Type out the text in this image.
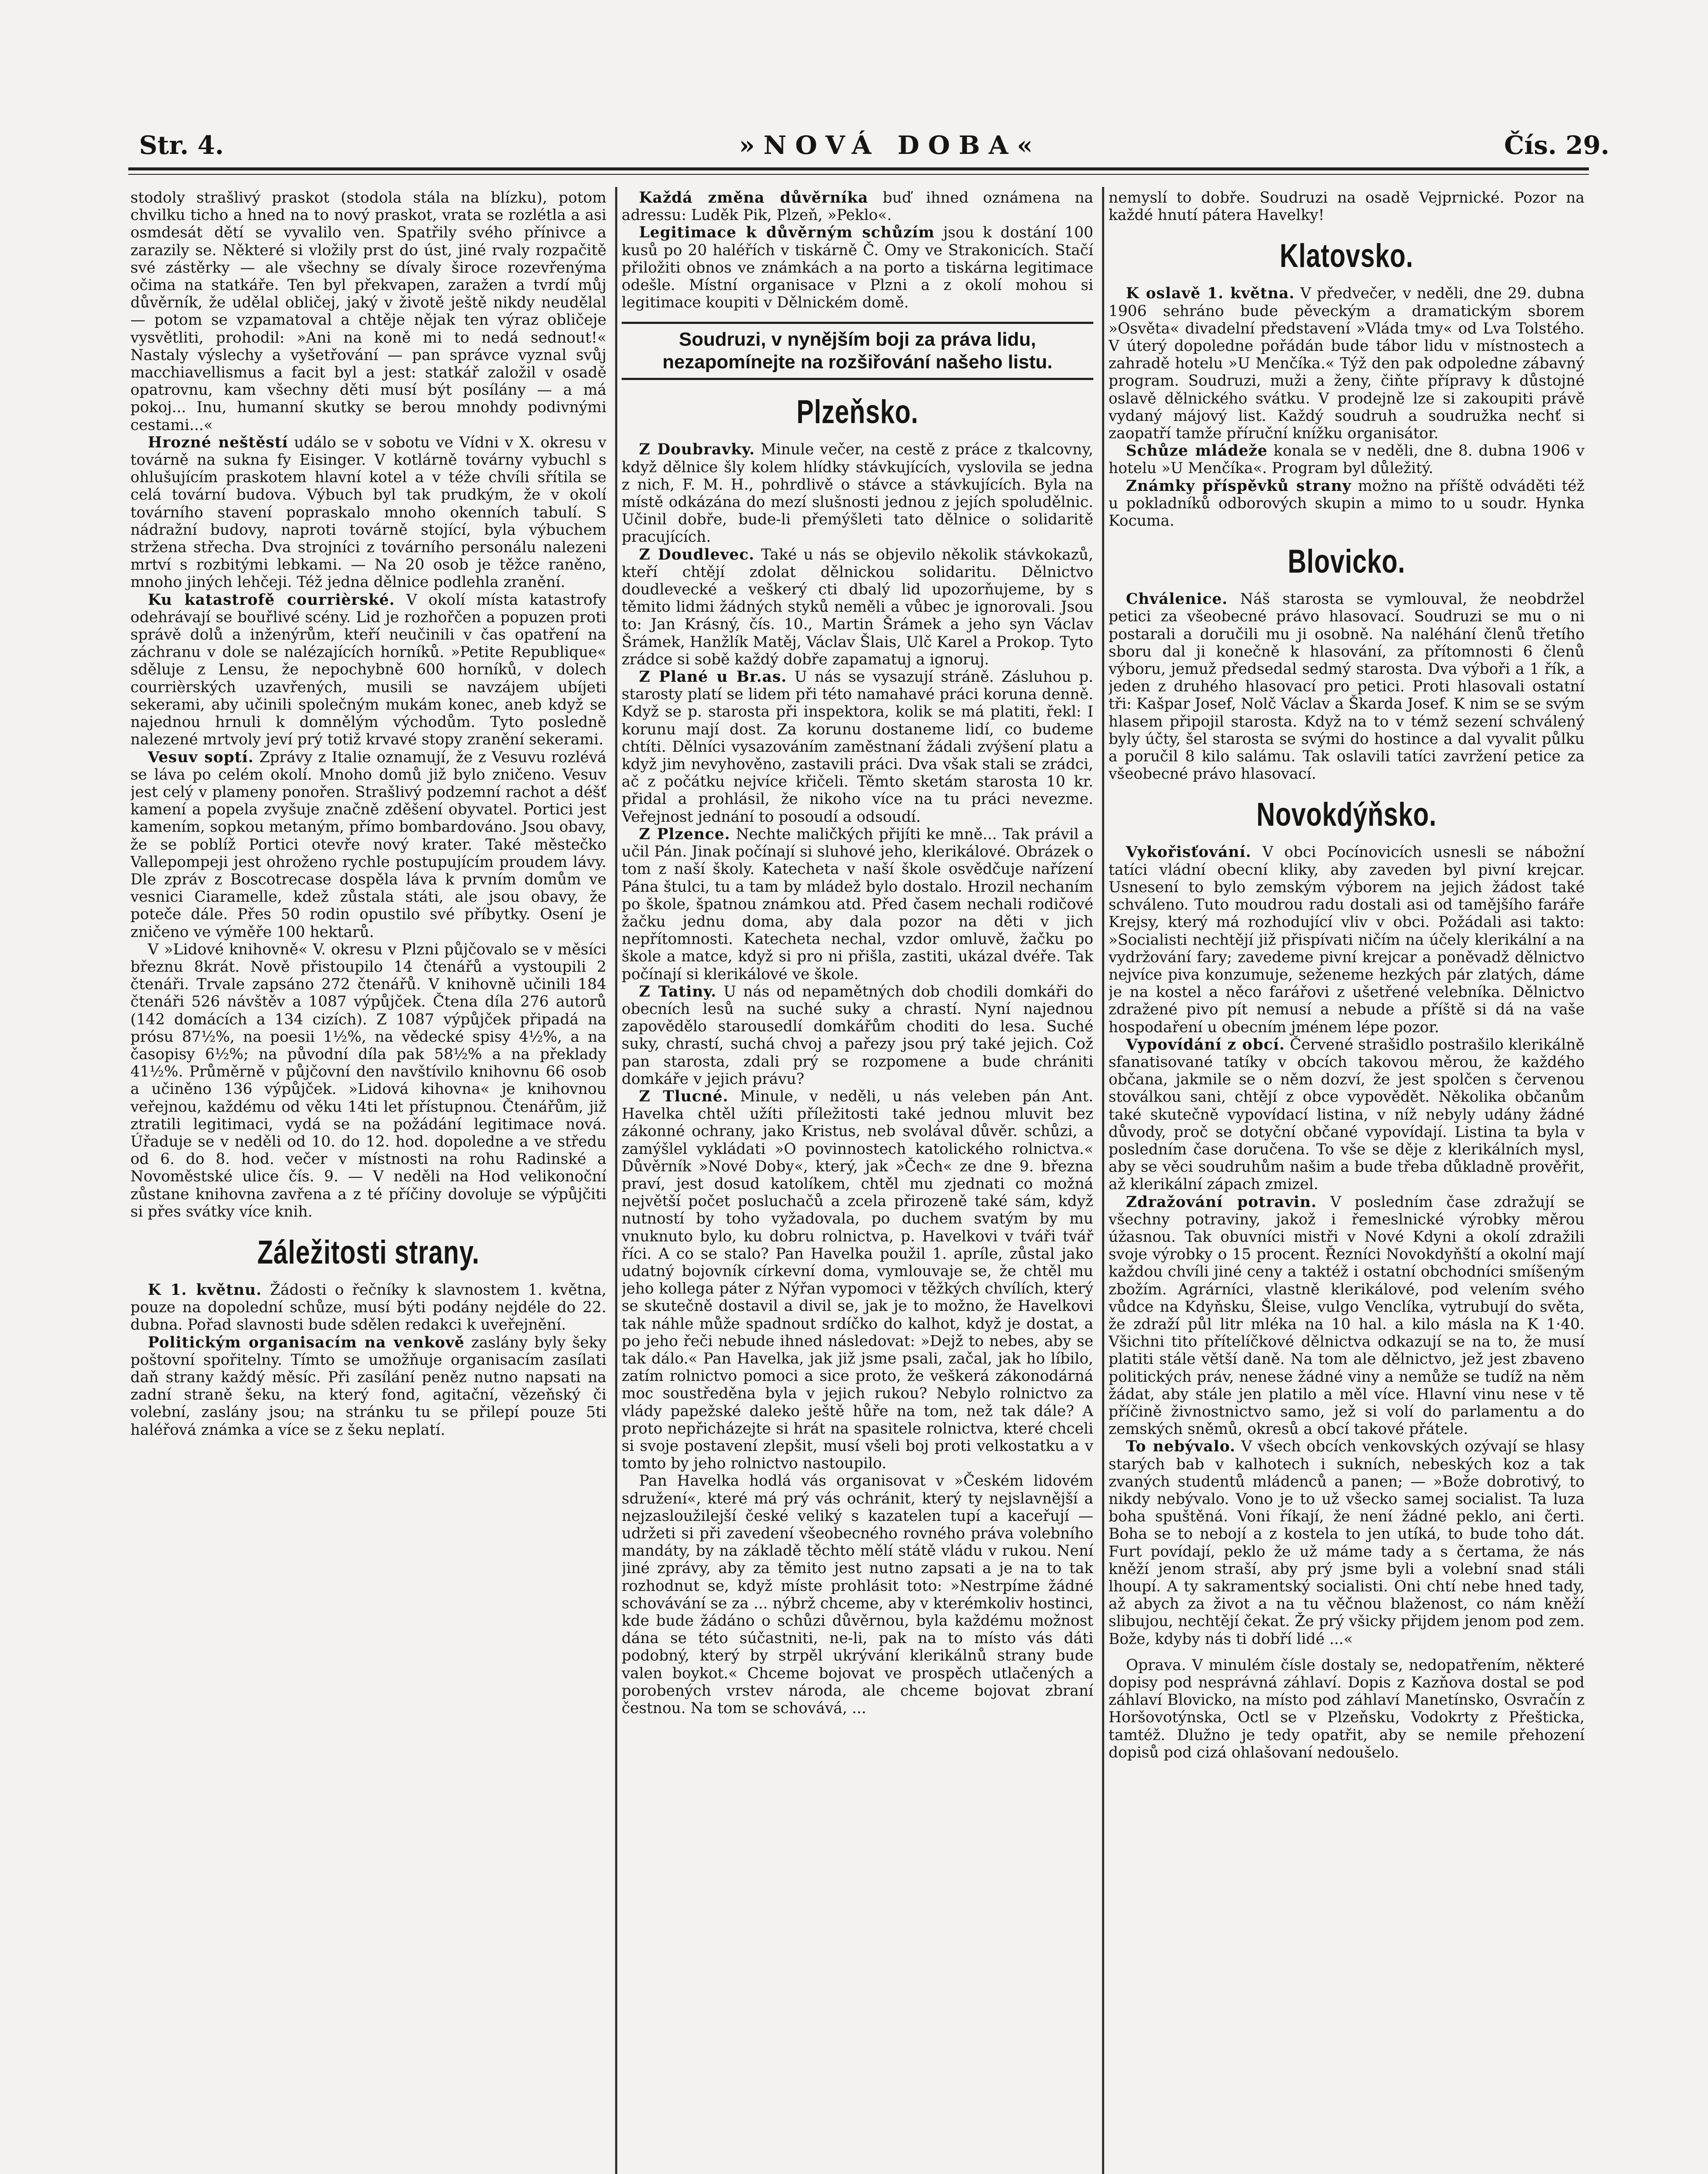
Str. 4.	»NOVÁ DOBA«	Čís. 29.

stodoly strašlivý praskot (stodola stála na blízku), potom chvilku ticho a hned na to nový praskot, vrata se rozlétla a asi osmdesát dětí se vyvalilo ven. Spatřily svého přínivce a zarazily se. Některé si vložily prst do úst, jiné rvaly rozpačitě své zástěrky — ale všechny se dívaly široce rozevřenýma očima na statkáře. Ten byl překvapen, zaražen a tvrdí můj důvěrník, že udělal obličej, jaký v životě ještě nikdy neudělal — potom se vzpamatoval a chtěje nějak ten výraz obličeje vysvětliti, prohodil: »Ani na koně mi to nedá sednout!« Nastaly výslechy a vyšetřování — pan správce vyznal svůj macchiavellismus a facit byl a jest: statkář založil v osadě opatrovnu, kam všechny děti musí být posílány — a má pokoj... Inu, humanní skutky se berou mnohdy podivnými cestami...«

Hrozné neštěstí událo se v sobotu ve Vídni v X. okresu v továrně na sukna fy Eisinger. V kotlárně továrny vybuchl s ohlušujícím praskotem hlavní kotel a v téže chvíli sřítila se celá tovární budova. Výbuch byl tak prudkým, že v okolí továrního stavení popraskalo mnoho okenních tabulí. S nádražní budovy, naproti továrně stojící, byla výbuchem stržena střecha. Dva strojníci z továrního personálu nalezeni mrtví s rozbitými lebkami. — Na 20 osob je těžce raněno, mnoho jiných lehčeji. Též jedna dělnice podlehla zranění.

Ku katastrofě courrièrské. V okolí místa katastrofy odehrávají se bouřlivé scény. Lid je rozhořčen a popuzen proti správě dolů a inženýrům, kteří neučinili v čas opatření na záchranu v dole se nalézajících horníků. »Petite Republique« sděluje z Lensu, že nepochybně 600 horníků, v dolech courrièrských uzavřených, musili se navzájem ubíjeti sekerami, aby učinili společným mukám konec, aneb když se najednou hrnuli k domnělým východům. Tyto posledně nalezené mrtvoly jeví prý totiž krvavé stopy zranění sekerami.

Vesuv soptí. Zprávy z Italie oznamují, že z Vesuvu rozlévá se láva po celém okolí. Mnoho domů již bylo zničeno. Vesuv jest celý v plameny ponořen. Strašlivý podzemní rachot a déšť kamení a popela zvyšuje značně zděšení obyvatel. Portici jest kamením, sopkou metaným, přímo bombardováno. Jsou obavy, že se poblíž Portici otevře nový krater. Také městečko Vallepompeji jest ohroženo rychle postupujícím proudem lávy. Dle zpráv z Boscotrecase dospěla láva k prvním domům ve vesnici Ciaramelle, kdež zůstala státi, ale jsou obavy, že poteče dále. Přes 50 rodin opustilo své příbytky. Osení je zničeno ve výměře 100 hektarů.

V »Lidové knihovně« V. okresu v Plzni půjčovalo se v měsíci březnu 8krát. Nově přistoupilo 14 čtenářů a vystoupili 2 čtenáři. Trvale zapsáno 272 čtenářů. V knihovně učinili 184 čtenáři 526 návštěv a 1087 výpůjček. Čtena díla 276 autorů (142 domácích a 134 cizích). Z 1087 výpůjček připadá na prósu 87½%, na poesii 1½%, na vědecké spisy 4½%, a na časopisy 6½%; na původní díla pak 58½% a na překlady 41½%. Průměrně v půjčovní den navštívilo knihovnu 66 osob a učiněno 136 výpůjček. »Lidová kihovna« je knihovnou veřejnou, každému od věku 14ti let přístupnou. Čtenářům, již ztratili legitimaci, vydá se na požádání legitimace nová. Úřaduje se v neděli od 10. do 12. hod. dopoledne a ve středu od 6. do 8. hod. večer v místnosti na rohu Radinské a Novoměstské ulice čís. 9. — V neděli na Hod velikonoční zůstane knihovna zavřena a z té příčiny dovoluje se výpůjčiti si přes svátky více knih.

Záležitosti strany.

K 1. květnu. Žádosti o řečníky k slavnostem 1. května, pouze na dopolední schůze, musí býti podány nejdéle do 22. dubna. Pořad slavnosti bude sdělen redakci k uveřejnění.

Politickým organisacím na venkově zaslány byly šeky poštovní spořitelny. Tímto se umožňuje organisacím zasílati daň strany každý měsíc. Při zasílání peněz nutno napsati na zadní straně šeku, na který fond, agitační, vězeňský či volební, zaslány jsou; na stránku tu se přilepí pouze 5ti haléřová známka a více se z šeku neplatí.

Každá změna důvěrníka buď ihned oznámena na adressu: Luděk Pik, Plzeň, »Peklo«.

Legitimace k důvěrným schůzím jsou k dostání 100 kusů po 20 haléřích v tiskárně Č. Omy ve Strakonicích. Stačí přiložiti obnos ve známkách a na porto a tiskárna legitimace odešle. Místní organisace v Plzni a z okolí mohou si legitimace koupiti v Dělnickém domě.

Soudruzi, v nynějším boji za práva lidu, nezapomínejte na rozšiřování našeho listu.
Plzeňsko.

Z Doubravky. Minule večer, na cestě z práce z tkalcovny, když dělnice šly kolem hlídky stávkujících, vyslovila se jedna z nich, F. M. H., pohrdlivě o stávce a stávkujících. Byla na místě odkázána do mezí slušnosti jednou z jejích spoludělnic. Učinil dobře, bude-li přemýšleti tato dělnice o solidaritě pracujících.

Z Doudlevec. Také u nás se objevilo několik stávkokazů, kteří chtějí zdolat dělnickou solidaritu. Dělnictvo doudlevecké a veškerý cti dbalý lid upozorňujeme, by s těmito lidmi žádných styků neměli a vůbec je ignorovali. Jsou to: Jan Krásný, čís. 10., Martin Šrámek a jeho syn Václav Šrámek, Hanžlík Matěj, Václav Šlais, Ulč Karel a Prokop. Tyto zrádce si sobě každý dobře zapamatuj a ignoruj.

Z Plané u Br.as. U nás se vysazují stráně. Zásluhou p. starosty platí se lidem při této namahavé práci koruna denně. Když se p. starosta při inspektora, kolik se má platiti, řekl: I korunu mají dost. Za korunu dostaneme lidí, co budeme chtíti. Dělníci vysazováním zaměstnaní žádali zvýšení platu a když jim nevyhověno, zastavili práci. Dva však stali se zrádci, ač z počátku nejvíce křičeli. Těmto sketám starosta 10 kr. přidal a prohlásil, že nikoho více na tu práci nevezme. Veřejnost jednání to posoudí a odsoudí.

Z Plzence. Nechte maličkých přijíti ke mně... Tak právil a učil Pán. Jinak počínají si sluhové jeho, klerikálové. Obrázek o tom z naší školy. Katecheta v naší škole osvědčuje nařízení Pána štulci, tu a tam by mládež bylo dostalo. Hrozil nechaním po škole, špatnou známkou atd. Před časem nechali rodičové žačku jednu doma, aby dala pozor na děti v jich nepřítomnosti. Katecheta nechal, vzdor omluvě, žačku po škole a matce, když si pro ni přišla, zastiti, ukázal dvéře. Tak počínají si klerikálové ve škole.

Z Tatiny. U nás od nepamětných dob chodili domkáři do obecních lesů na suché suky a chrastí. Nyní najednou zapovědělo starousedlí domkářům choditi do lesa. Suché suky, chrastí, suchá chvoj a pařezy jsou prý také jejich. Což pan starosta, zdali prý se rozpomene a bude chrániti domkáře v jejich právu?

Z Tlucné. Minule, v neděli, u nás veleben pán Ant. Havelka chtěl užíti příležitosti také jednou mluvit bez zákonné ochrany, jako Kristus, neb svolával důvěr. schůzi, a zamýšlel vykládati »O povinnostech katolického rolnictva.« Důvěrník »Nové Doby«, který, jak »Čech« ze dne 9. března praví, jest dosud katolíkem, chtěl mu zjednati co možná největší počet posluchačů a zcela přirozeně také sám, když nutností by toho vyžadovala, po duchem svatým by mu vnuknuto bylo, ku dobru rolnictva, p. Havelkovi v tváři tvář říci. A co se stalo? Pan Havelka použil 1. apríle, zůstal jako udatný bojovník církevní doma, vymlouvaje se, že chtěl mu jeho kollega páter z Nýřan vypomoci v těžkých chvílích, který se skutečně dostavil a divil se, jak je to možno, že Havelkovi tak náhle může spadnout srdíčko do kalhot, když je dostat, a po jeho řeči nebude ihned následovat: »Dejž to nebes, aby se tak dálo.« Pan Havelka, jak již jsme psali, začal, jak ho líbilo, zatím rolnictvo pomoci a sice proto, že veškerá zákonodárná moc soustředěna byla v jejich rukou? Nebylo rolnictvo za vlády papežské daleko ještě hůře na tom, než tak dále? A proto nepřicházejte si hrát na spasitele rolnictva, které chceli si svoje postavení zlepšit, musí všeli boj proti velkostatku a v tomto by jeho rolnictvo nastoupilo.

Pan Havelka hodlá vás organisovat v »Českém lidovém sdružení«, které má prý vás ochránit, který ty nejslavnější a nejzasloužilejší české veliký s kazatelen tupí a kaceřují — udržeti si při zavedení všeobecného rovného práva volebního mandáty, by na základě těchto mělí státě vládu v rukou. Není jiné zprávy, aby za těmito jest nutno zapsati a je na to tak rozhodnut se, když míste prohlásit toto: »Nestrpíme žádné schovávání se za ... nýbrž chceme, aby v kterémkoliv hostinci, kde bude žádáno o schůzi důvěrnou, byla každému možnost dána se této súčastniti, ne-li, pak na to místo vás dáti podobný, který by strpěl ukrývání klerikálnů strany bude valen boykot.« Chceme bojovat ve prospěch utlačených a porobených vrstev národa, ale chceme bojovat zbraní čestnou. Na tom se schovává, ...

nemyslí to dobře. Soudruzi na osadě Vejprnické. Pozor na každé hnutí pátera Havelky!

Klatovsko.

K oslavě 1. května. V předvečer, v neděli, dne 29. dubna 1906 sehráno bude pěveckým a dramatickým sborem »Osvěta« divadelní představení »Vláda tmy« od Lva Tolstého. V úterý dopoledne pořádán bude tábor lidu v místnostech a zahradě hotelu »U Menčíka.« Týž den pak odpoledne zábavný program. Soudruzi, muži a ženy, čiňte přípravy k důstojné oslavě dělnického svátku. V prodejně lze si zakoupiti právě vydaný májový list. Každý soudruh a soudružka nechť si zaopatří tamže příruční knížku organisátor.

Schůze mládeže konala se v neděli, dne 8. dubna 1906 v hotelu »U Menčíka«. Program byl důležitý.

Známky příspěvků strany možno na příště odváděti též u pokladníků odborových skupin a mimo to u soudr. Hynka Kocuma.

Blovicko.

Chválenice. Náš starosta se vymlouval, že neobdržel petici za všeobecné právo hlasovací. Soudruzi se mu o ni postarali a doručili mu ji osobně. Na naléhání členů třetího sboru dal ji konečně k hlasování, za přítomnosti 6 členů výboru, jemuž předsedal sedmý starosta. Dva výboři a 1 řík, a jeden z druhého hlasovací pro petici. Proti hlasovali ostatní tři: Kašpar Josef, Nolč Václav a Škarda Josef. K nim se se svým hlasem připojil starosta. Když na to v témž sezení schválený byly účty, šel starosta se svými do hostince a dal vyvalit půlku a poručil 8 kilo salámu. Tak oslavili tatíci zavržení petice za všeobecné právo hlasovací.

Novokdýňsko.

Vykořisťování. V obci Pocínovicích usnesli se nábožní tatíci vládní obecní kliky, aby zaveden byl pivní krejcar. Usnesení to bylo zemským výborem na jejich žádost také schváleno. Tuto moudrou radu dostali asi od tamějšího faráře Krejsy, který má rozhodující vliv v obci. Požádali asi takto: »Socialisti nechtějí již přispívati ničím na účely klerikální a na vydržování fary; zavedeme pivní krejcar a poněvadž dělnictvo nejvíce piva konzumuje, seženeme hezkých pár zlatých, dáme je na kostel a něco farářovi z ušetřené velebníka. Dělnictvo zdražené pivo pít nemusí a nebude a příště si dá na vaše hospodaření u obecním jménem lépe pozor.

Vypovídání z obcí. Červené strašidlo postrašilo klerikálně sfanatisované tatíky v obcích takovou měrou, že každého občana, jakmile se o něm dozví, že jest spolčen s červenou stoválkou sani, chtějí z obce vypovědět. Několika občanům také skutečně vypovídací listina, v níž nebyly udány žádné důvody, proč se dotyční občané vypovídají. Listina ta byla v posledním čase doručena. To vše se děje z klerikálních mysl, aby se věci soudruhům našim a bude třeba důkladně prověřit, až klerikální zápach zmizel.

Zdražování potravin. V posledním čase zdražují se všechny potraviny, jakož i řemeslnické výrobky měrou úžasnou. Tak obuvníci mistři v Nové Kdyni a okolí zdražili svoje výrobky o 15 procent. Řezníci Novokdyňští a okolní mají každou chvíli jiné ceny a taktéž i ostatní obchodníci smíšeným zbožím. Agrárníci, vlastně klerikálové, pod velením svého vůdce na Kdyňsku, Šleise, vulgo Venclíka, vytrubují do světa, že zdraží půl litr mléka na 10 hal. a kilo másla na K 1·40. Všichni tito přítelíčkové dělnictva odkazují se na to, že musí platiti stále větší daně. Na tom ale dělnictvo, jež jest zbaveno politických práv, nenese žádné viny a nemůže se tudíž na něm žádat, aby stále jen platilo a měl více. Hlavní vinu nese v tě příčině živnostnictvo samo, jež si volí do parlamentu a do zemských sněmů, okresů a obcí takové přátele.

To nebývalo. V všech obcích venkovských ozývají se hlasy starých bab v kalhotech i sukních, nebeských koz a tak zvaných studentů mládenců a panen; — »Bože dobrotivý, to nikdy nebývalo. Vono je to už všecko samej socialist. Ta luza boha spuštěná. Voni říkají, že není žádné peklo, ani čerti. Boha se to nebojí a z kostela to jen utíká, to bude toho dát. Furt povídají, peklo že už máme tady a s čertama, že nás kněží jenom straší, aby prý jsme byli a volební snad stáli lhoupí. A ty sakramentský socialisti. Oni chtí nebe hned tady, až abych za život a na tu věčnou blaženost, co nám kněží slibujou, nechtějí čekat. Že prý všicky přijdem jenom pod zem. Bože, kdyby nás ti dobří lidé ...«

Oprava. V minulém čísle dostaly se, nedopatřením, některé dopisy pod nesprávná záhlaví. Dopis z Kazňova dostal se pod záhlaví Blovicko, na místo pod záhlaví Manetínsko, Osvračín z Horšovotýnska, Octl se v Plzeňsku, Vodokrty z Přešticka, tamtéž. Dlužno je tedy opatřit, aby se nemile přehození dopisů pod cizá ohlašovaní nedoušelo.
